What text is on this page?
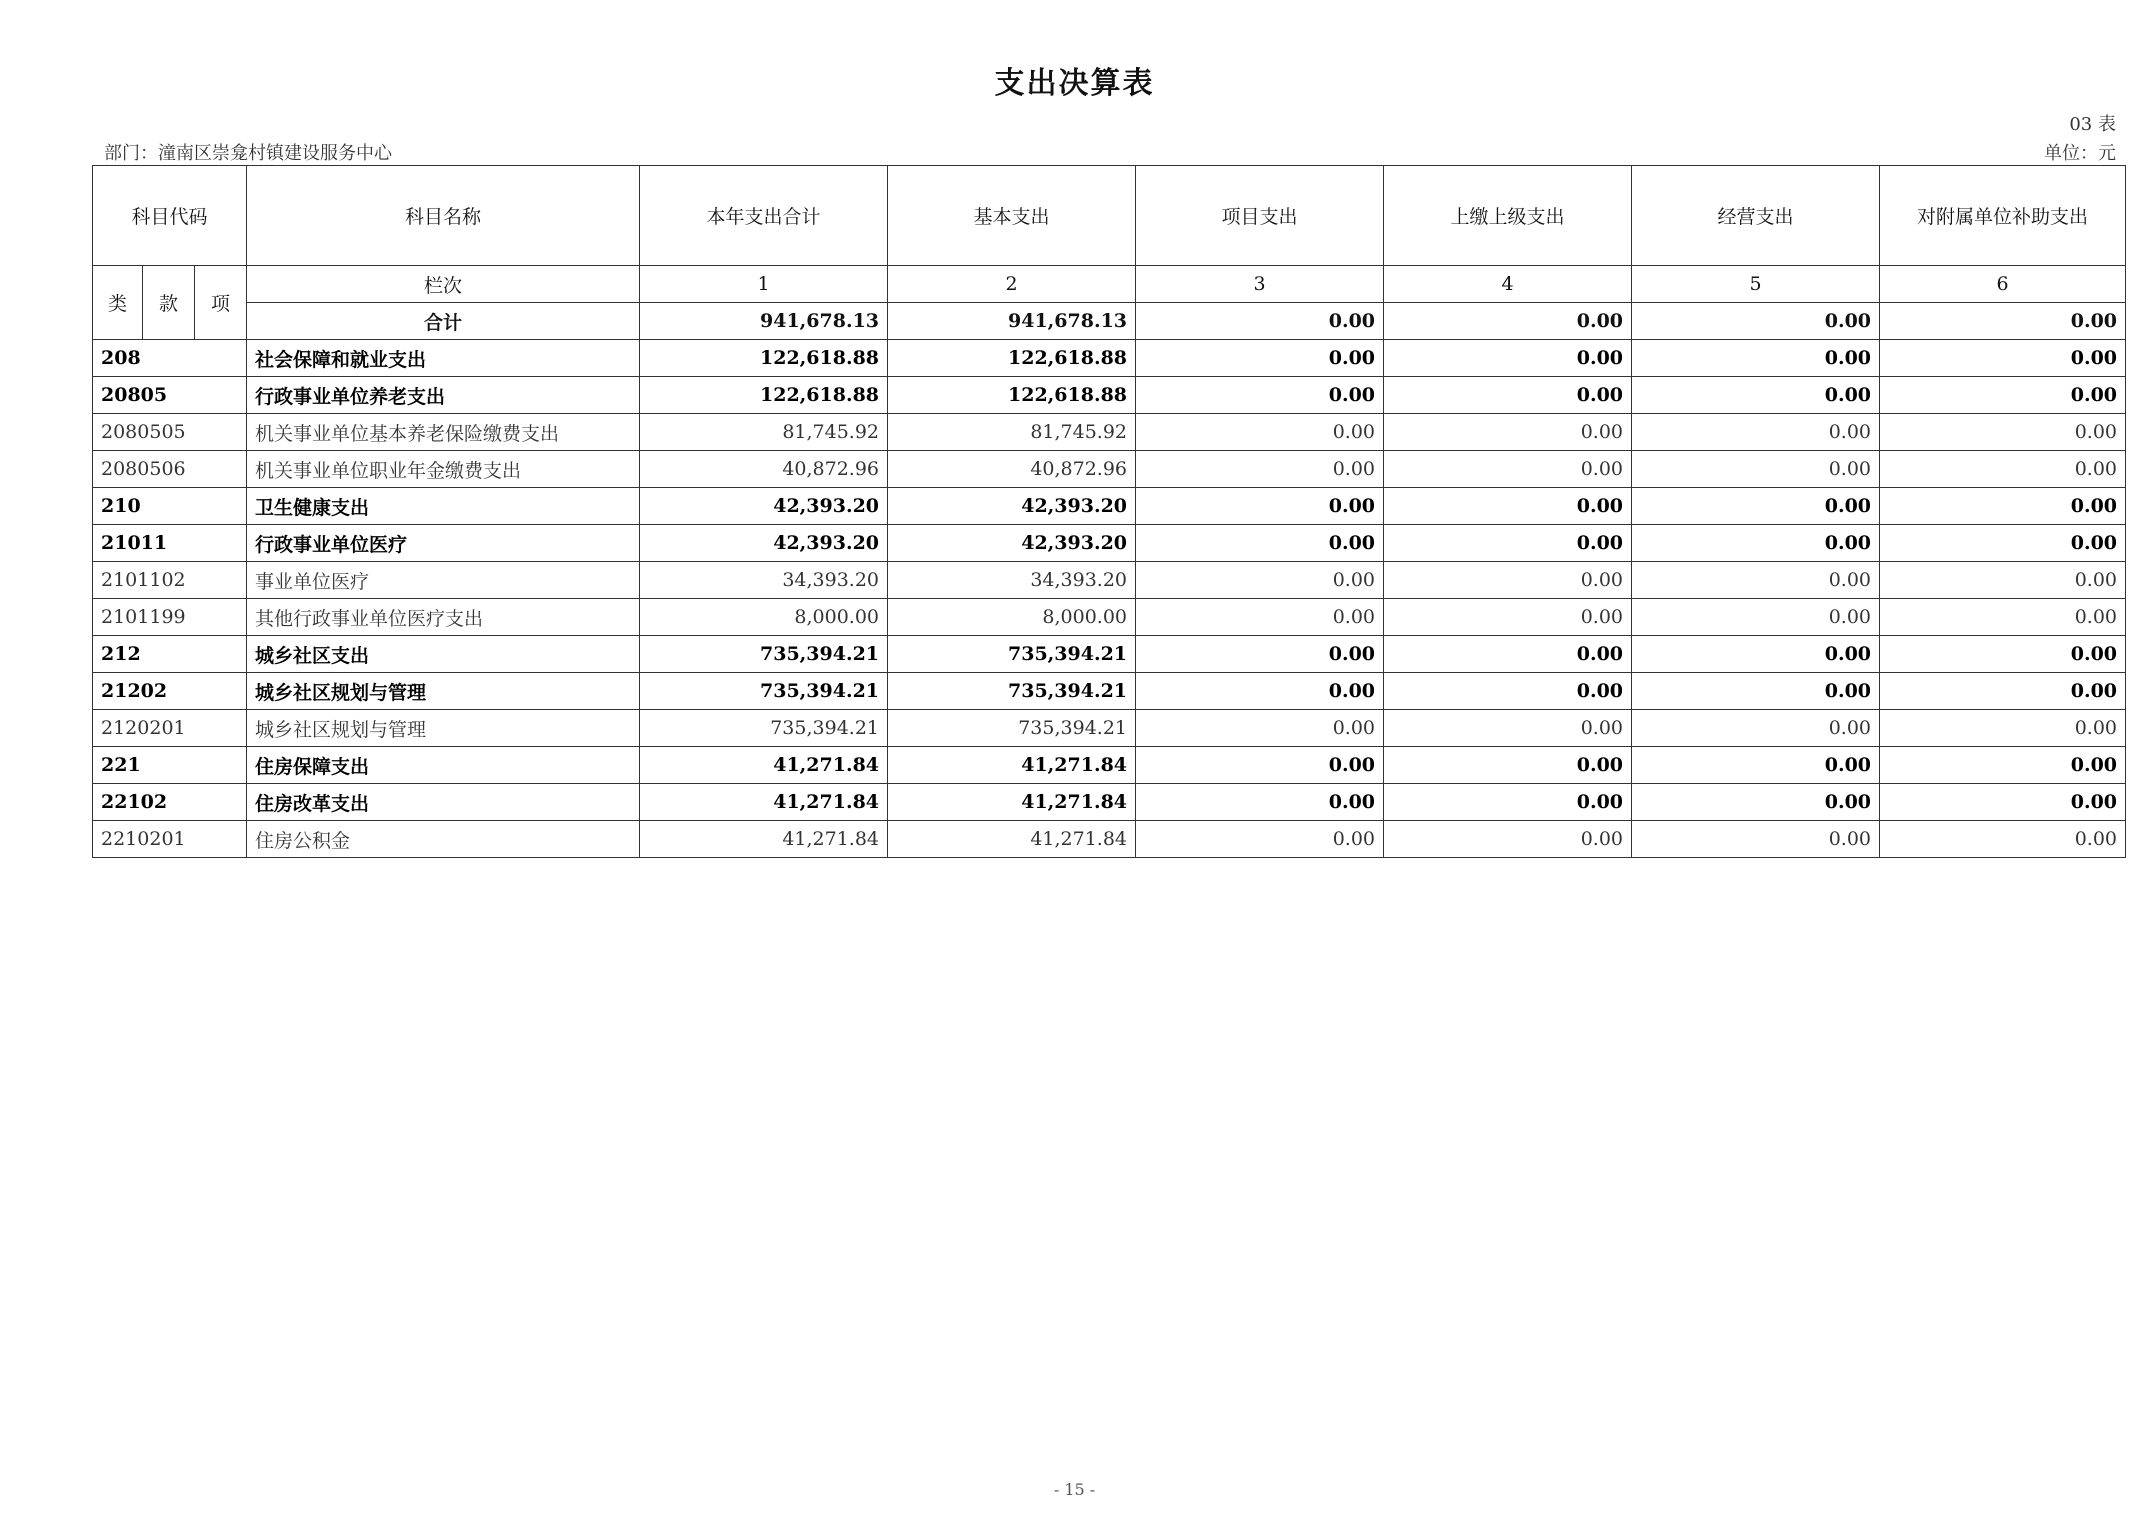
支出决算表
03 表
部门：潼南区崇龛村镇建设服务中心	单位：元
科目代码			科目名称	本年支出合计	基本支出	项目支出	上缴上级支出	经营支出	对附属单位补助支出
类	款	项	栏次	1	2	3	4	5	6
			合计	941,678.13	941,678.13	0.00	0.00	0.00	0.00
208			社会保障和就业支出	122,618.88	122,618.88	0.00	0.00	0.00	0.00
20805			行政事业单位养老支出	122,618.88	122,618.88	0.00	0.00	0.00	0.00
2080505			机关事业单位基本养老保险缴费支出	81,745.92	81,745.92	0.00	0.00	0.00	0.00
2080506			机关事业单位职业年金缴费支出	40,872.96	40,872.96	0.00	0.00	0.00	0.00
210			卫生健康支出	42,393.20	42,393.20	0.00	0.00	0.00	0.00
21011			行政事业单位医疗	42,393.20	42,393.20	0.00	0.00	0.00	0.00
2101102			事业单位医疗	34,393.20	34,393.20	0.00	0.00	0.00	0.00
2101199			其他行政事业单位医疗支出	8,000.00	8,000.00	0.00	0.00	0.00	0.00
212			城乡社区支出	735,394.21	735,394.21	0.00	0.00	0.00	0.00
21202			城乡社区规划与管理	735,394.21	735,394.21	0.00	0.00	0.00	0.00
2120201			城乡社区规划与管理	735,394.21	735,394.21	0.00	0.00	0.00	0.00
221			住房保障支出	41,271.84	41,271.84	0.00	0.00	0.00	0.00
22102			住房改革支出	41,271.84	41,271.84	0.00	0.00	0.00	0.00
2210201			住房公积金	41,271.84	41,271.84	0.00	0.00	0.00	0.00
- 15 -
